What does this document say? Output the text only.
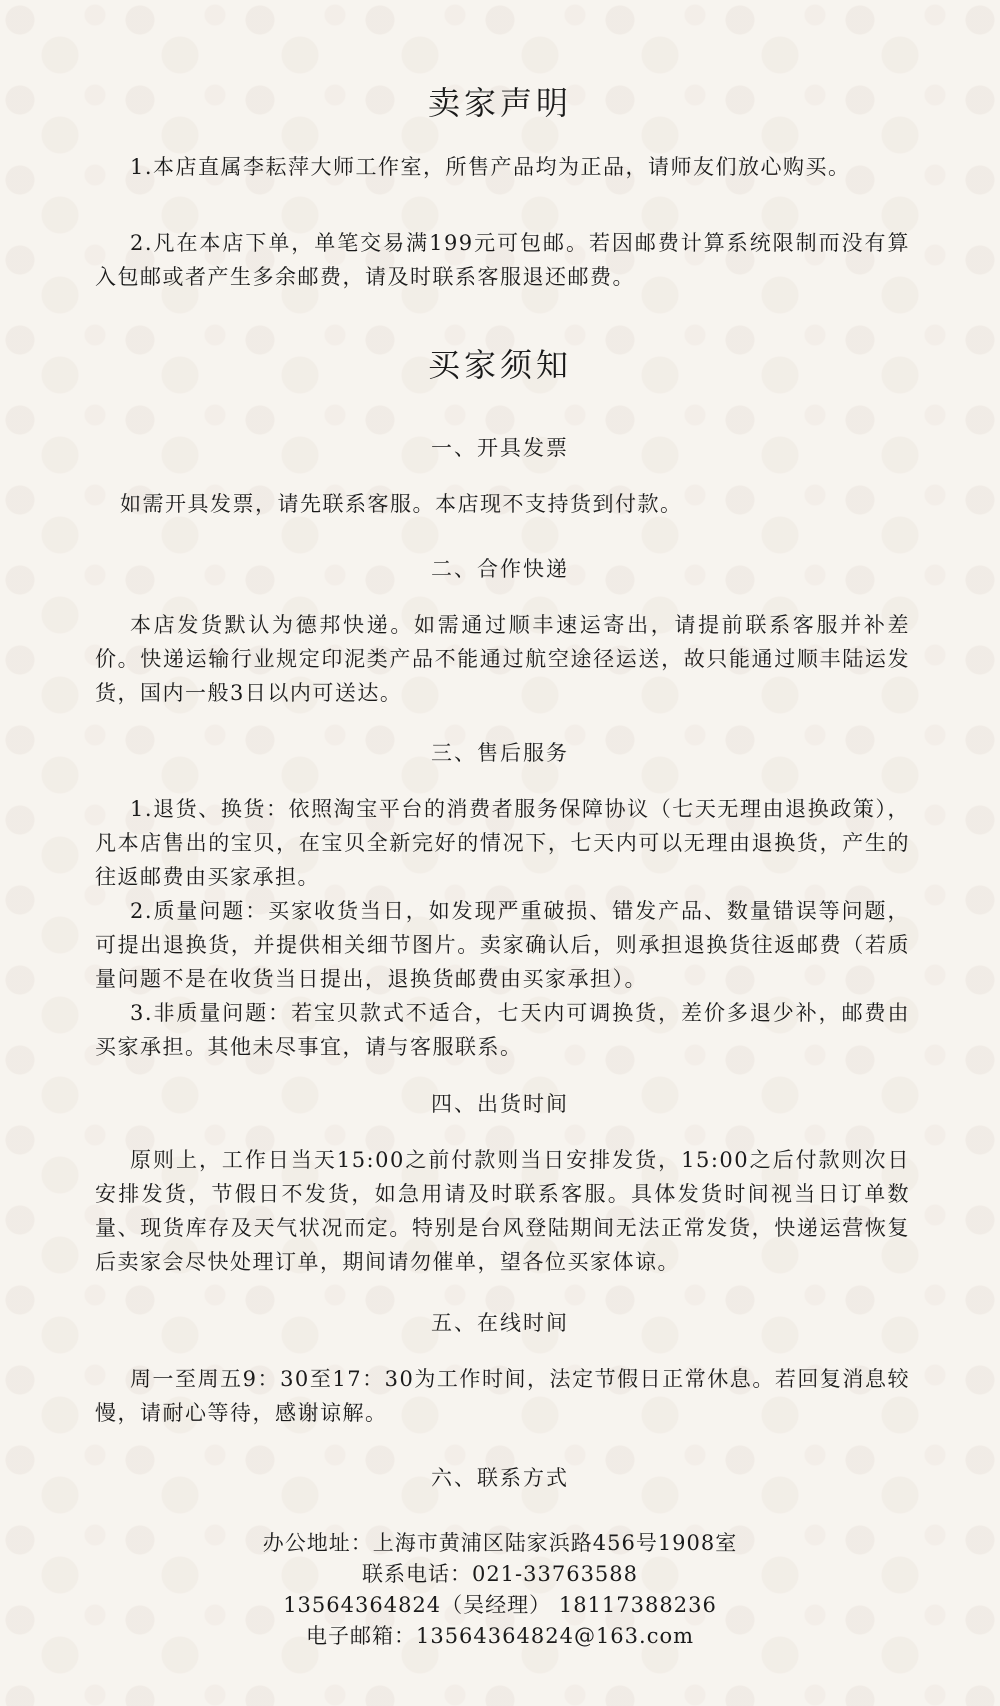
卖家声明

1.本店直属李耘萍大师工作室，所售产品均为正品，请师友们放心购买。

2.凡在本店下单，单笔交易满199元可包邮。若因邮费计算系统限制而没有算入包邮或者产生多余邮费，请及时联系客服退还邮费。

买家须知
一、开具发票

如需开具发票，请先联系客服。本店现不支持货到付款。

二、合作快递

本店发货默认为德邦快递。如需通过顺丰速运寄出，请提前联系客服并补差价。快递运输行业规定印泥类产品不能通过航空途径运送，故只能通过顺丰陆运发货，国内一般3日以内可送达。

三、售后服务

1.退货、换货：依照淘宝平台的消费者服务保障协议（七天无理由退换政策），凡本店售出的宝贝，在宝贝全新完好的情况下，七天内可以无理由退换货，产生的往返邮费由买家承担。

2.质量问题：买家收货当日，如发现严重破损、错发产品、数量错误等问题，可提出退换货，并提供相关细节图片。卖家确认后，则承担退换货往返邮费（若质量问题不是在收货当日提出，退换货邮费由买家承担）。

3.非质量问题：若宝贝款式不适合，七天内可调换货，差价多退少补，邮费由买家承担。其他未尽事宜，请与客服联系。

四、出货时间

原则上，工作日当天15:00之前付款则当日安排发货，15:00之后付款则次日安排发货，节假日不发货，如急用请及时联系客服。具体发货时间视当日订单数量、现货库存及天气状况而定。特别是台风登陆期间无法正常发货，快递运营恢复后卖家会尽快处理订单，期间请勿催单，望各位买家体谅。

五、在线时间

周一至周五9：30至17：30为工作时间，法定节假日正常休息。若回复消息较慢，请耐心等待，感谢谅解。

六、联系方式
办公地址：上海市黄浦区陆家浜路456号1908室
联系电话：021-33763588
13564364824（吴经理） 18117388236
电子邮箱：13564364824@163.com
